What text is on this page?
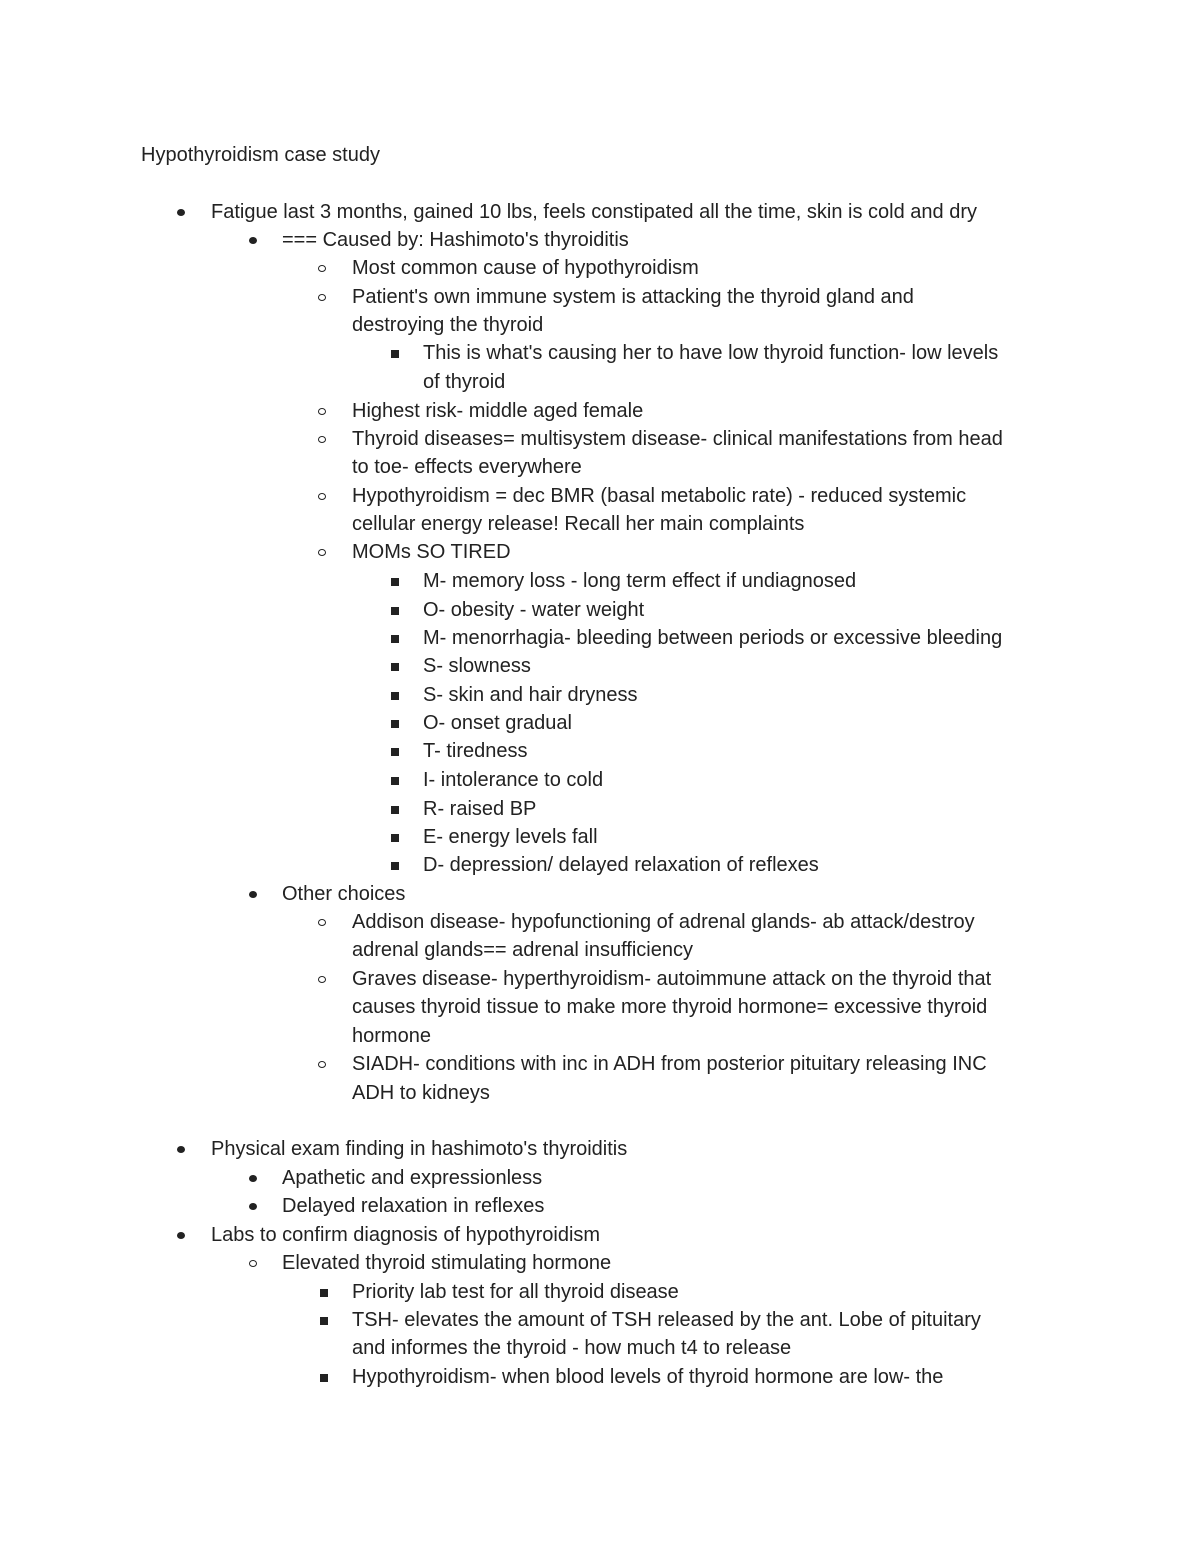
Hypothyroidism case study
Fatigue last 3 months, gained 10 lbs, feels constipated all the time, skin is cold and dry
=== Caused by: Hashimoto's thyroiditis
Most common cause of hypothyroidism
Patient's own immune system is attacking the thyroid gland and
destroying the thyroid
This is what's causing her to have low thyroid function- low levels
of thyroid
Highest risk- middle aged female
Thyroid diseases= multisystem disease- clinical manifestations from head
to toe- effects everywhere
Hypothyroidism = dec BMR (basal metabolic rate) - reduced systemic
cellular energy release! Recall her main complaints
MOMs SO TIRED
M- memory loss - long term effect if undiagnosed
O- obesity - water weight
M- menorrhagia- bleeding between periods or excessive bleeding
S- slowness
S- skin and hair dryness
O- onset gradual
T- tiredness
I- intolerance to cold
R- raised BP
E- energy levels fall
D- depression/ delayed relaxation of reflexes
Other choices
Addison disease- hypofunctioning of adrenal glands- ab attack/destroy
adrenal glands== adrenal insufficiency
Graves disease- hyperthyroidism- autoimmune attack on the thyroid that
causes thyroid tissue to make more thyroid hormone= excessive thyroid
hormone
SIADH- conditions with inc in ADH from posterior pituitary releasing INC
ADH to kidneys
Physical exam finding in hashimoto's thyroiditis
Apathetic and expressionless
Delayed relaxation in reflexes
Labs to confirm diagnosis of hypothyroidism
Elevated thyroid stimulating hormone
Priority lab test for all thyroid disease
TSH- elevates the amount of TSH released by the ant. Lobe of pituitary
and informes the thyroid - how much t4 to release
Hypothyroidism- when blood levels of thyroid hormone are low- the
